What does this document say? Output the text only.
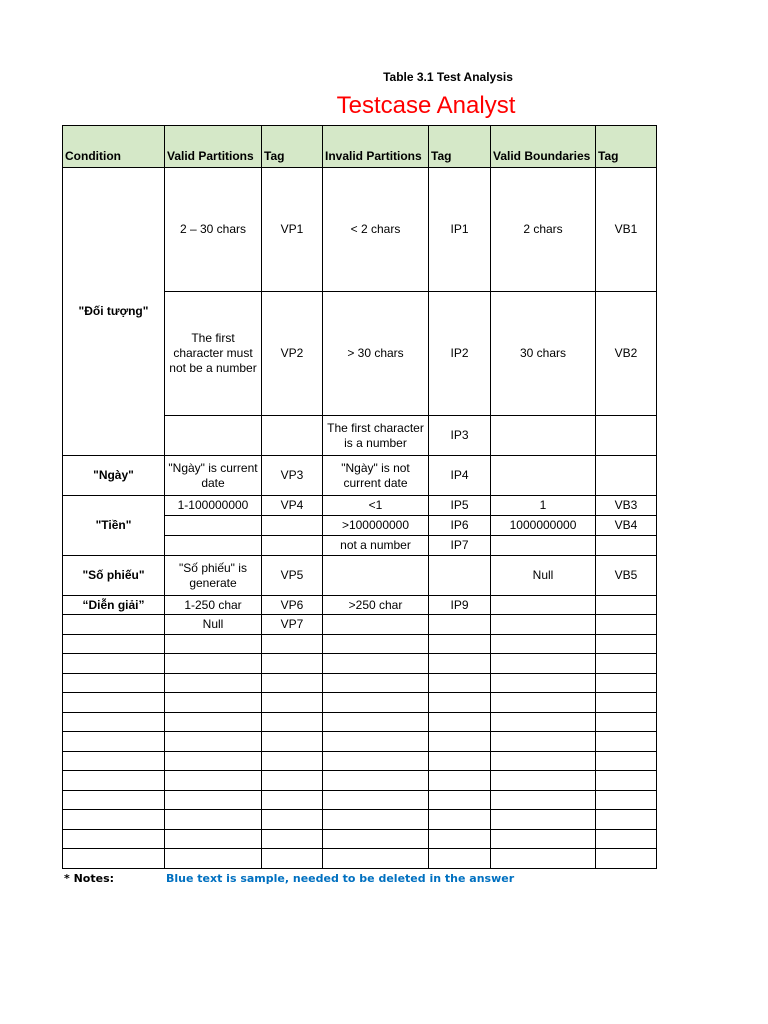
Table 3.1 Test Analysis
Testcase Analyst
Condition	Valid Partitions	Tag	Invalid Partitions	Tag	Valid Boundaries	Tag
"Đối tượng"	2 – 30 chars	VP1	< 2 chars	IP1	2 chars	VB1
	The first character must not be a number	VP2	> 30 chars	IP2	30 chars	VB2
			The first character is a number	IP3		
"Ngày"	"Ngày" is current date	VP3	"Ngày" is not current date	IP4		
"Tiền"	1-100000000	VP4	<1	IP5	1	VB3
			>100000000	IP6	1000000000	VB4
			not a number	IP7		
"Số phiếu"	"Số phiếu" is generate	VP5			Null	VB5
“Diễn giải”	1-250 char	VP6	>250 char	IP9		
	Null	VP7				

* Notes:	Blue text is sample, needed to be deleted in the answer
